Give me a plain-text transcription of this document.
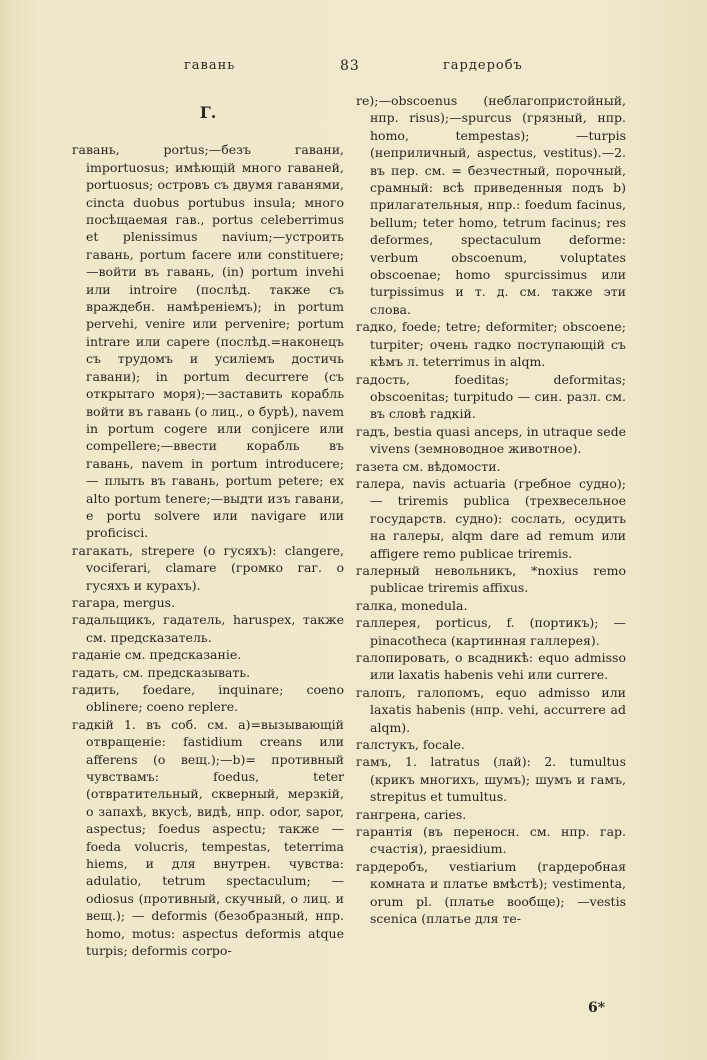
гавань	83	гардеробъ
Г.

гавань, portus;—безъ гавани, importuosus; имѣющій много гаваней, portuosus; островъ съ двумя гаванями, cincta duobus portubus insula; много посѣщаемая гав., portus celeberrimus et plenissimus navium;—устроить гавань, portum facere или constituere; —войти въ гавань, (in) portum invehi или introire (послѣд. также съ враждебн. намѣреніемъ); in portum pervehi, venire или pervenire; portum intrare или capere (послѣд.=наконецъ съ трудомъ и усиліемъ достичь гавани); in portum decurrere (съ открытаго моря);—заставить корабль войти въ гавань (о лиц., о бурѣ), navem in portum cogere или conjicere или compellere;—ввести корабль въ гавань, navem in portum introducere; — плыть въ гавань, portum petere; ex alto portum tenere;—выдти изъ гавани, e portu solvere или navigare или proficisci.

гагакать, strepere (о гусяхъ): clangere, vociferari, clamare (громко гаг. о гусяхъ и курахъ).

гагара, mergus.

гадальщикъ, гадатель, haruspex, также см. предсказатель.

гаданіе см. предсказаніе.

гадать, см. предсказывать.

гадить, foedare, inquinare; coeno oblinere; coeno replere.

гадкій 1. въ соб. см. а)=вызывающій отвращеніе: fastidium creans или afferens (о вещ.);—b)= противный чувствамъ: foedus, teter (отвратительный, скверный, мерзкій, о запахѣ, вкусѣ, видѣ, нпр. odor, sapor, aspectus; foedus aspectu; также — foeda volucris, tempestas, teterrima hiems, и для внутрен. чувства: adulatio, tetrum spectaculum; — odiosus (противный, скучный, о лиц. и вещ.); — deformis (безобразный, нпр. homo, motus: aspectus deformis atque turpis; deformis corpo-

re);—obscoenus (неблагопристойный, нпр. risus);—spurcus (грязный, нпр. homo, tempestas); —turpis (неприличный, aspectus, vestitus).—2. въ пер. см. = безчестный, порочный, срамный: всѣ приведенныя подъ b) прилагательныя, нпр.: foedum facinus, bellum; teter homo, tetrum facinus; res deformes, spectaculum deforme: verbum obscoenum, voluptates obscoenae; homo spurcissimus или turpissimus и т. д. см. также эти слова.

гадко, foede; tetre; deformiter; obscoene; turpiter; очень гадко поступающій съ кѣмъ л. teterrimus in alqm.

гадость, foeditas; deformitas; obscoenitas; turpitudo — син. разл. см. въ словѣ гадкій.

гадъ, bestia quasi anceps, in utraque sede vivens (земноводное животное).

газета см. вѣдомости.

галера, navis actuaria (гребное судно); — triremis publica (трехвесельное государств. судно): сослать, осудить на галеры, alqm dare ad remum или affigere remo publicae triremis.

галерный невольникъ, *noxius remo publicae triremis affixus.

галка, monedula.

галлерея, porticus, f. (портикъ); — pinacotheca (картинная галлерея).

галопировать, о всадникѣ: equo admisso или laxatis habenis vehi или currere.

галопъ, галопомъ, equo admisso или laxatis habenis (нпр. vehi, accurrere ad alqm).

галстукъ, focale.

гамъ, 1. latratus (лай): 2. tumultus (крикъ многихъ, шумъ); шумъ и гамъ, strepitus et tumultus.

гангрена, caries.

гарантія (въ переносн. см. нпр. гар. счастія), praesidium.

гардеробъ, vestiarium (гардеробная комната и платье вмѣстѣ); vestimenta, orum pl. (платье вообще); —vestis scenica (платье для те-

6*
